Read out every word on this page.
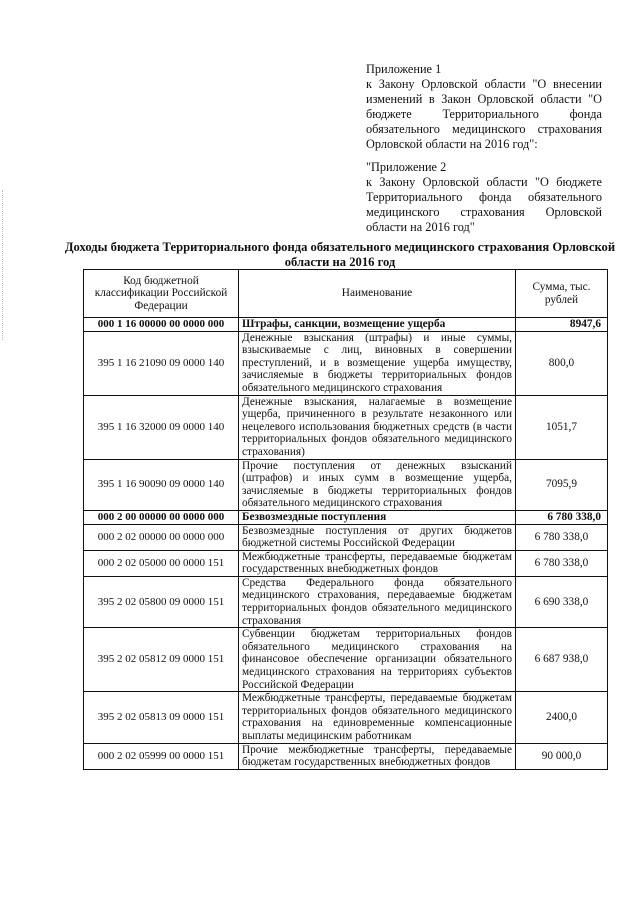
Приложение 1

к Закону Орловской области "О внесении изменений в Закон Орловской области "О бюджете Территориального фонда обязательного медицинского страхования Орловской области на 2016 год":

"Приложение 2

к Закону Орловской области "О бюджете Территориального фонда обязательного медицинского страхования Орловской области на 2016 год"

Доходы бюджета Территориального фонда обязательного медицинского страхования Орловской области на 2016 год
Код бюджетной классификации Российской Федерации	Наименование	Сумма, тыс. рублей
000 1 16 00000 00 0000 000	Штрафы, санкции, возмещение ущерба	8947,6
395 1 16 21090 09 0000 140	Денежные взыскания (штрафы) и иные суммы, взыскиваемые с лиц, виновных в совершении преступлений, и в возмещение ущерба имуществу, зачисляемые в бюджеты территориальных фондов обязательного медицинского страхования	800,0
395 1 16 32000 09 0000 140	Денежные взыскания, налагаемые в возмещение ущерба, причиненного в результате незаконного или нецелевого использования бюджетных средств (в части территориальных фондов обязательного медицинского страхования)	1051,7
395 1 16 90090 09 0000 140	Прочие поступления от денежных взысканий (штрафов) и иных сумм в возмещение ущерба, зачисляемые в бюджеты территориальных фондов обязательного медицинского страхования	7095,9
000 2 00 00000 00 0000 000	Безвозмездные поступления	6 780 338,0
000 2 02 00000 00 0000 000	Безвозмездные поступления от других бюджетов бюджетной системы Российской Федерации	6 780 338,0
000 2 02 05000 00 0000 151	Межбюджетные трансферты, передаваемые бюджетам государственных внебюджетных фондов	6 780 338,0
395 2 02 05800 09 0000 151	Средства Федерального фонда обязательного медицинского страхования, передаваемые бюджетам территориальных фондов обязательного медицинского страхования	6 690 338,0
395 2 02 05812 09 0000 151	Субвенции бюджетам территориальных фондов обязательного медицинского страхования на финансовое обеспечение организации обязательного медицинского страхования на территориях субъектов Российской Федерации	6 687 938,0
395 2 02 05813 09 0000 151	Межбюджетные трансферты, передаваемые бюджетам территориальных фондов обязательного медицинского страхования на единовременные компенсационные выплаты медицинским работникам	2400,0
000 2 02 05999 00 0000 151	Прочие межбюджетные трансферты, передаваемые бюджетам государственных внебюджетных фондов	90 000,0
